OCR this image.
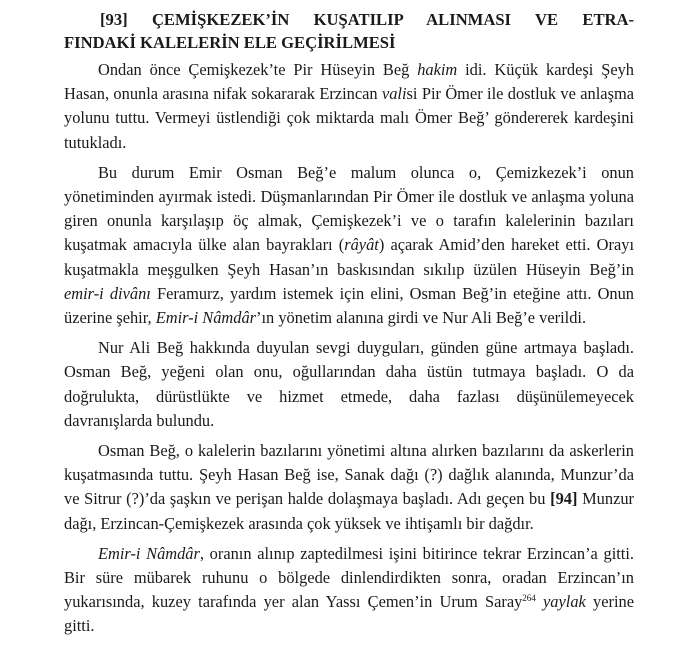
[93] ÇEMİŞKEZEK’İN KUŞATILIP ALINMASI VE ETRA-
FINDAKİ KALELERİN ELE GEÇİRİLMESİ

Ondan önce Çemişkezek’te Pir Hüseyin Beğ hakim idi. Küçük kardeşi Şeyh Hasan, onunla arasına nifak sokararak Erzincan valisi Pir Ömer ile dostluk ve anlaşma yolunu tuttu. Vermeyi üstlendiği çok miktarda malı Ömer Beğ’ göndererek kardeşini tutukladı.

Bu durum Emir Osman Beğ’e malum olunca o, Çemizkezek’i onun yönetiminden ayırmak istedi. Düşmanlarından Pir Ömer ile dostluk ve anlaşma yoluna giren onunla karşılaşıp öç almak, Çemişkezek’i ve o tarafın kalelerinin bazıları kuşatmak amacıyla ülke alan bayrakları (râyât) açarak Amid’den hareket etti. Orayı kuşatmakla meşgulken Şeyh Hasan’ın baskısından sıkılıp üzülen Hüseyin Beğ’in emir-i divânı Feramurz, yardım istemek için elini, Osman Beğ’in eteğine attı. Onun üzerine şehir, Emir-i Nâmdâr’ın yönetim alanına girdi ve Nur Ali Beğ’e verildi.

Nur Ali Beğ hakkında duyulan sevgi duyguları, günden güne artmaya başladı. Osman Beğ, yeğeni olan onu, oğullarından daha üstün tutmaya başladı. O da doğrulukta, dürüstlükte ve hizmet etmede, daha fazlası düşünülemeyecek davranışlarda bulundu.

Osman Beğ, o kalelerin bazılarını yönetimi altına alırken bazılarını da askerlerin kuşatmasında tuttu. Şeyh Hasan Beğ ise, Sanak dağı (?) dağlık alanında, Munzur’da ve Sitrur (?)’da şaşkın ve perişan halde dolaşmaya başladı. Adı geçen bu [94] Munzur dağı, Erzincan-Çemişkezek arasında çok yüksek ve ihtişamlı bir dağdır.

Emir-i Nâmdâr, oranın alınıp zaptedilmesi işini bitirince tekrar Erzincan’a gitti. Bir süre mübarek ruhunu o bölgede dinlendirdikten sonra, oradan Erzincan’ın yukarısında, kuzey tarafında yer alan Yassı Çemen’in Urum Saray$^{264}$ yaylak yerine gitti.
